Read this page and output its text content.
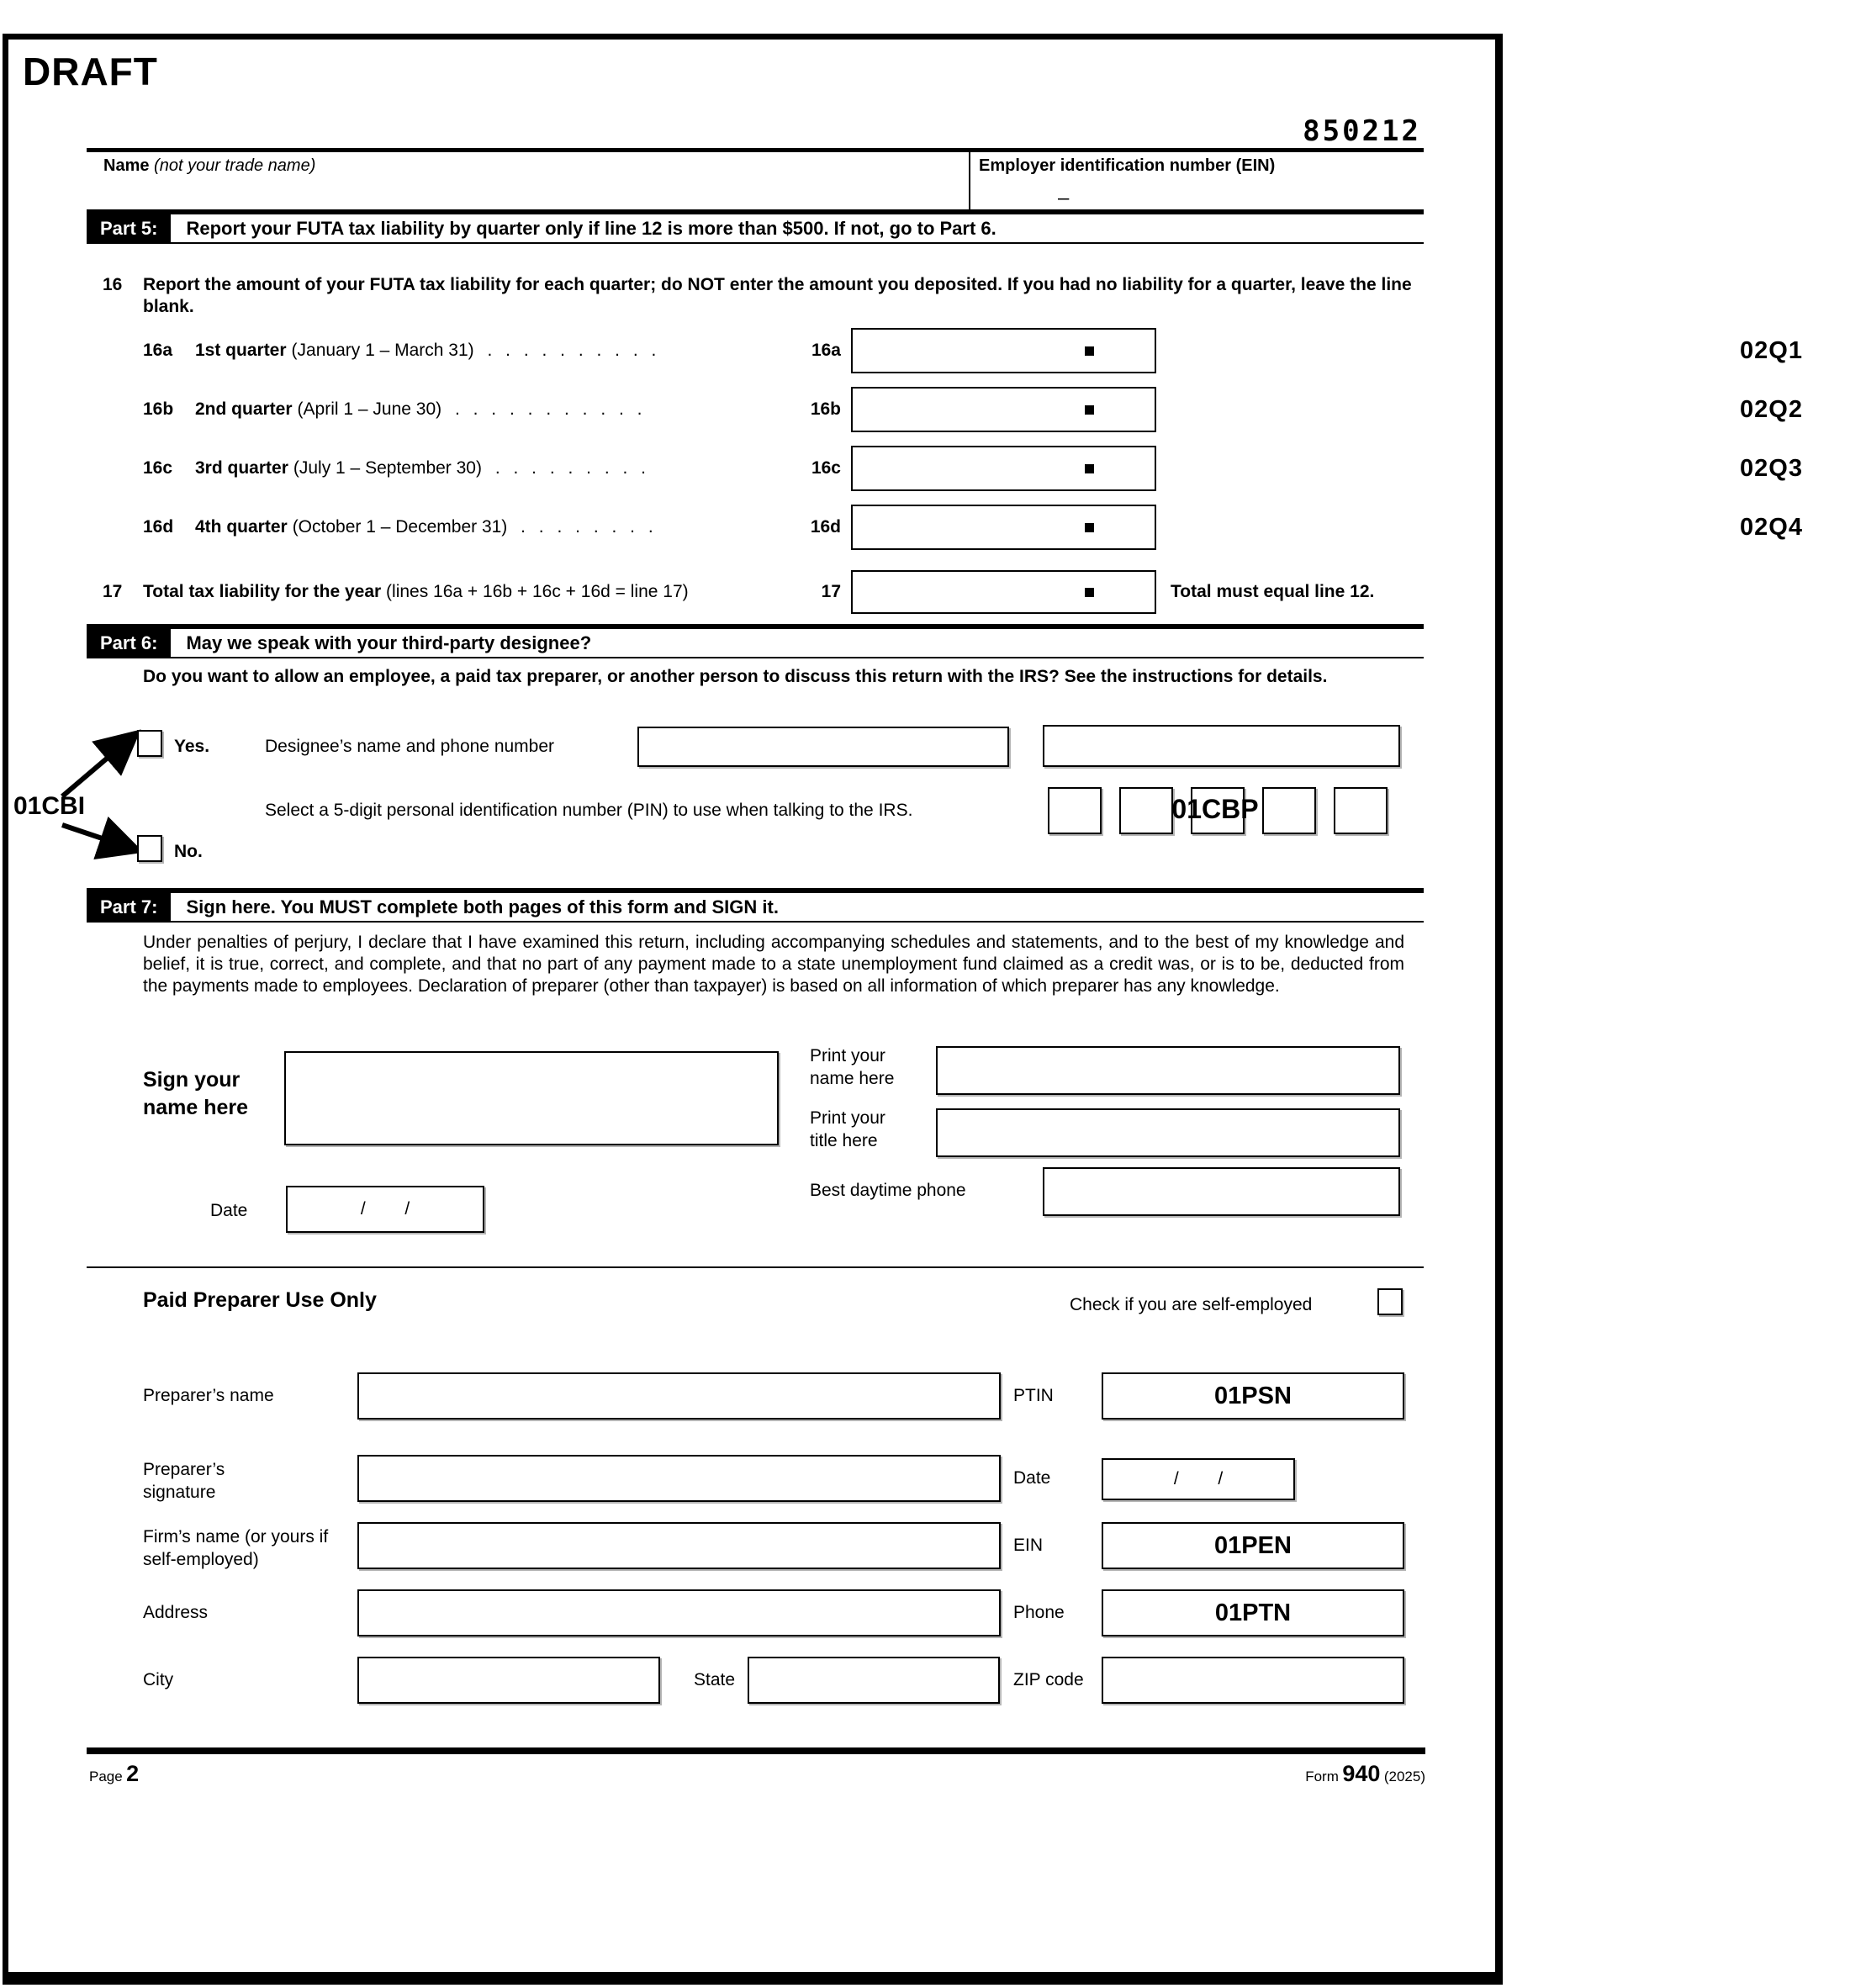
DRAFT
850212
Name (not your trade name)	Employer identification number (EIN)
–
Part 5:	Report your FUTA tax liability by quarter only if line 12 is more than $500. If not, go to Part 6.
16 Report the amount of your FUTA tax liability for each quarter; do NOT enter the amount you deposited. If you had no liability for a quarter, leave the line blank.
16a 1st quarter (January 1 – March 31) . . . . . . . . . .	16a	02Q1
16b 2nd quarter (April 1 – June 30) . . . . . . . . . . .	16b	02Q2
16c 3rd quarter (July 1 – September 30) . . . . . . . . .	16c	02Q3
16d 4th quarter (October 1 – December 31) . . . . . . . .	16d	02Q4
17 Total tax liability for the year (lines 16a + 16b + 16c + 16d = line 17)	17	Total must equal line 12.
Part 6:	May we speak with your third-party designee?
Do you want to allow an employee, a paid tax preparer, or another person to discuss this return with the IRS? See the instructions for details.
01CBI
Yes.	Designee’s name and phone number
Select a 5-digit personal identification number (PIN) to use when talking to the IRS.	01CBP
No.
Part 7:	Sign here. You MUST complete both pages of this form and SIGN it.
Under penalties of perjury, I declare that I have examined this return, including accompanying schedules and statements, and to the best of my knowledge and belief, it is true, correct, and complete, and that no part of any payment made to a state unemployment fund claimed as a credit was, or is to be, deducted from the payments made to employees. Declaration of preparer (other than taxpayer) is based on all information of which preparer has any knowledge.
Sign your name here
Print your name here
Print your title here
Date	/        /
Best daytime phone
Paid Preparer Use Only	Check if you are self-employed
Preparer’s name	PTIN	01PSN
Preparer’s signature
Date	/        /
Firm’s name (or yours if self-employed)
EIN	01PEN
Address	Phone	01PTN
City	State	ZIP code
Page 2	Form 940 (2025)
